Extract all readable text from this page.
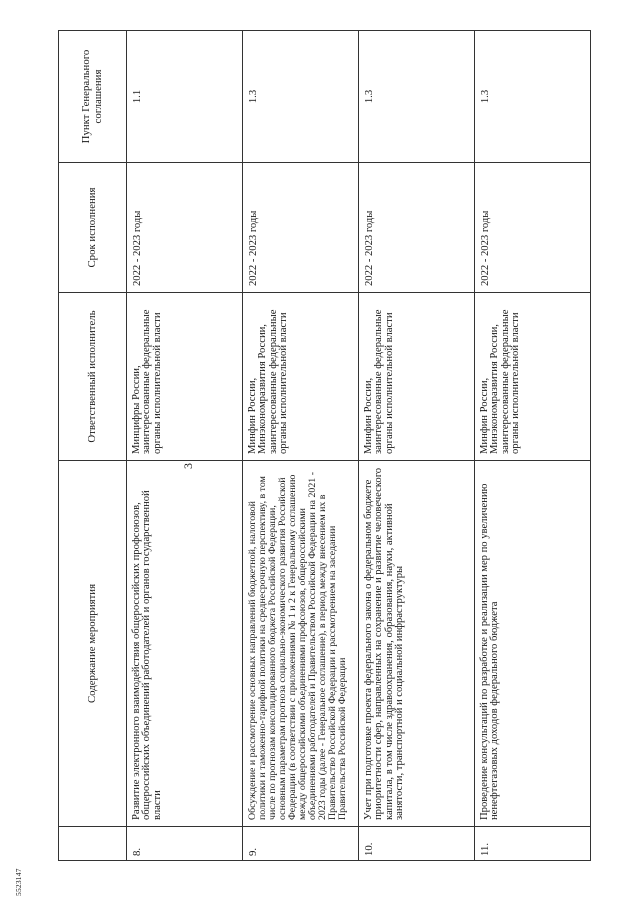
3
	Содержание мероприятия	Ответственный исполнитель	Срок исполнения	Пункт Генерального соглашения
8.	Развитие электронного взаимодействия общероссийских профсоюзов, общероссийских объединений работодателей и органов государственной власти	Минцифры России, заинтересованные федеральные органы исполнительной власти	2022 - 2023 годы	1.1
9.	Обсуждение и рассмотрение основных направлений бюджетной, налоговой политики и таможенно-тарифной политики на среднесрочную перспективу, в том числе по прогнозам консолидированного бюджета Российской Федерации, основным параметрам прогноза социально-экономического развития Российской Федерации (в соответствии с приложениями № 1 и 2 к Генеральному соглашению между общероссийскими объединениями профсоюзов, общероссийскими объединениями работодателей и Правительством Российской Федерации на 2021 - 2023 годы (далее - Генеральное соглашение), в период между внесением их в Правительство Российской Федерации и рассмотрением на заседании Правительства Российской Федерации	Минфин России, Минэкономразвития России, заинтересованные федеральные органы исполнительной власти	2022 - 2023 годы	1.3
10.	Учет при подготовке проекта федерального закона о федеральном бюджете приоритетности сфер, направленных на сохранение и развитие человеческого капитала, в том числе здравоохранения, образования, науки, активной занятости, транспортной и социальной инфраструктуры	Минфин России, заинтересованные федеральные органы исполнительной власти	2022 - 2023 годы	1.3
11.	Проведение консультаций по разработке и реализации мер по увеличению ненефтегазовых доходов федерального бюджета	Минфин России, Минэкономразвития России, заинтересованные федеральные органы исполнительной власти	2022 - 2023 годы	1.3
5523147
